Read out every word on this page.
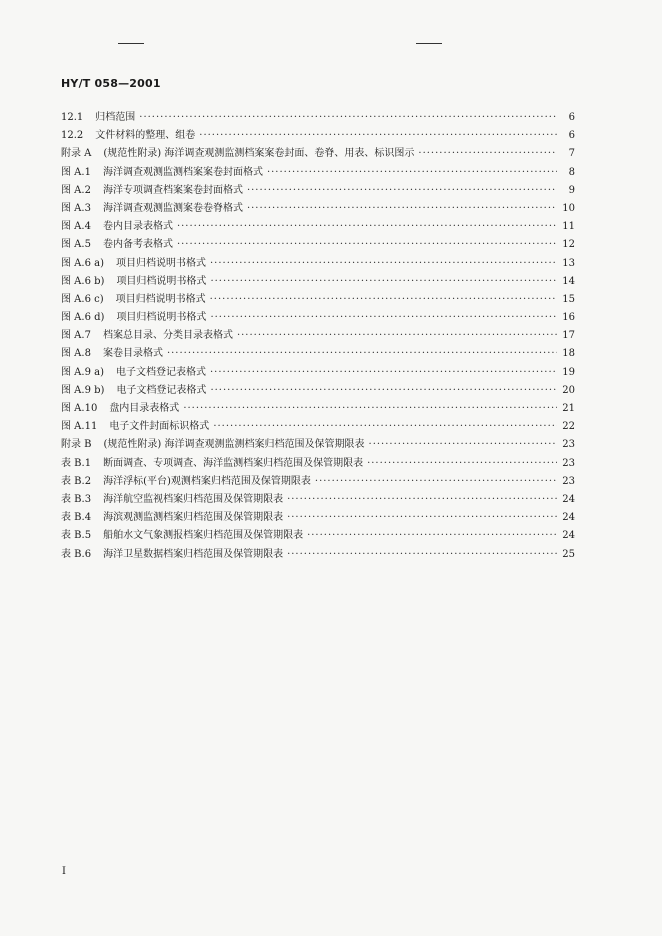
HY/T 058—2001
12.1 归档范围 ·····	6
12.2 文件材料的整理、组卷 ·····	6
附录 A (规范性附录) 海洋调查观测监测档案案卷封面、卷脊、用表、标识图示 ·····	7
图 A.1 海洋调查观测监测档案案卷封面格式 ·····	8
图 A.2 海洋专项调查档案案卷封面格式 ·····	9
图 A.3 海洋调查观测监测案卷卷脊格式 ·····	10
图 A.4 卷内目录表格式 ·····	11
图 A.5 卷内备考表格式 ·····	12
图 A.6 a) 项目归档说明书格式 ·····	13
图 A.6 b) 项目归档说明书格式 ·····	14
图 A.6 c) 项目归档说明书格式 ·····	15
图 A.6 d) 项目归档说明书格式 ·····	16
图 A.7 档案总目录、分类目录表格式 ·····	17
图 A.8 案卷目录格式 ·····	18
图 A.9 a) 电子文档登记表格式 ·····	19
图 A.9 b) 电子文档登记表格式 ·····	20
图 A.10 盘内目录表格式 ·····	21
图 A.11 电子文件封面标识格式 ·····	22
附录 B (规范性附录) 海洋调查观测监测档案归档范围及保管期限表 ·····	23
表 B.1 断面调查、专项调查、海洋监测档案归档范围及保管期限表 ·····	23
表 B.2 海洋浮标(平台)观测档案归档范围及保管期限表 ·····	23
表 B.3 海洋航空监视档案归档范围及保管期限表 ·····	24
表 B.4 海滨观测监测档案归档范围及保管期限表 ·····	24
表 B.5 船舶水文气象测报档案归档范围及保管期限表 ·····	24
表 B.6 海洋卫星数据档案归档范围及保管期限表 ·····	25
I
